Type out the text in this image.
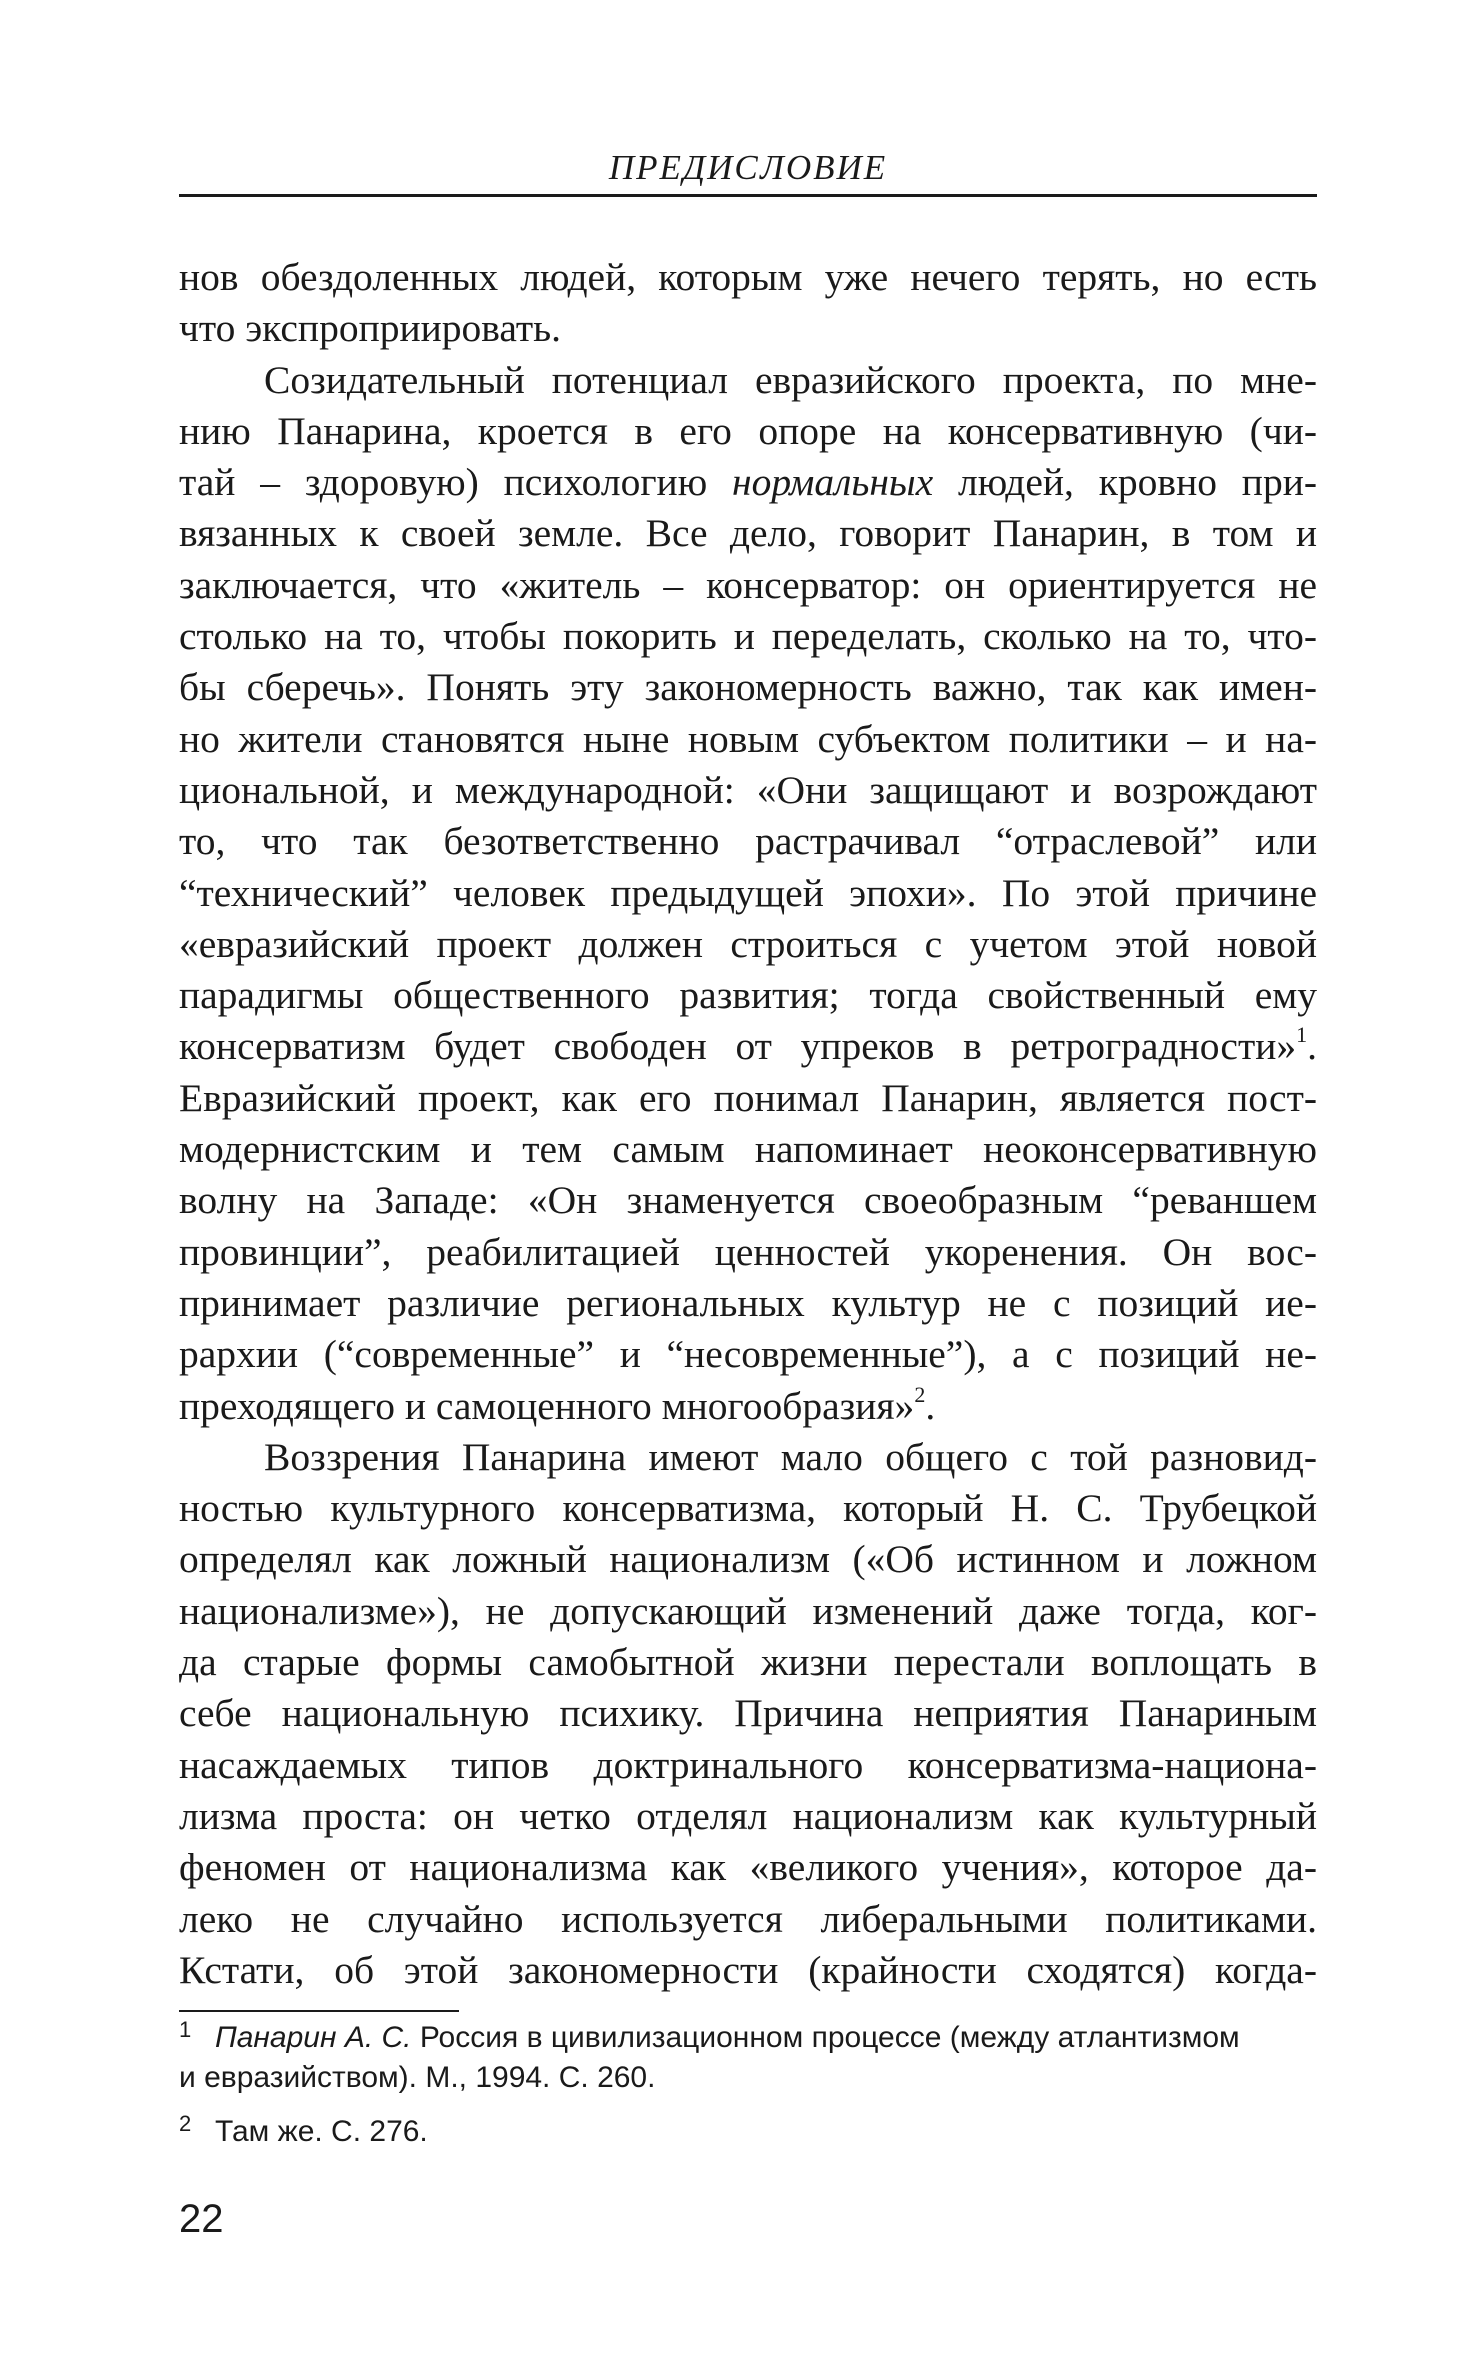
ПРЕДИСЛОВИЕ
нов обездоленных людей, которым уже нечего терять, но есть
что экспроприировать.
Созидательный потенциал евразийского проекта, по мне-
нию Панарина, кроется в его опоре на консервативную (чи-
тай – здоровую) психологию нормальных людей, кровно при-
вязанных к своей земле. Все дело, говорит Панарин, в том и
заключается, что «житель – консерватор: он ориентируется не
столько на то, чтобы покорить и переделать, сколько на то, что-
бы сберечь». Понять эту закономерность важно, так как имен-
но жители становятся ныне новым субъектом политики – и на-
циональной, и международной: «Они защищают и возрождают
то, что так безответственно растрачивал “отраслевой” или
“технический” человек предыдущей эпохи». По этой причине
«евразийский проект должен строиться с учетом этой новой
парадигмы общественного развития; тогда свойственный ему
консерватизм будет свободен от упреков в ретроградности»$^1$.
Евразийский проект, как его понимал Панарин, является пост-
модернистским и тем самым напоминает неоконсервативную
волну на Западе: «Он знаменуется своеобразным “реваншем
провинции”, реабилитацией ценностей укоренения. Он вос-
принимает различие региональных культур не с позиций ие-
рархии (“современные” и “несовременные”), а с позиций не-
преходящего и самоценного многообразия»$^2$.
Воззрения Панарина имеют мало общего с той разновид-
ностью культурного консерватизма, который Н. С. Трубецкой
определял как ложный национализм («Об истинном и ложном
национализме»), не допускающий изменений даже тогда, ког-
да старые формы самобытной жизни перестали воплощать в
себе национальную психику. Причина неприятия Панариным
насаждаемых типов доктринального консерватизма-национа-
лизма проста: он четко отделял национализм как культурный
феномен от национализма как «великого учения», которое да-
леко не случайно используется либеральными политиками.
Кстати, об этой закономерности (крайности сходятся) когда-
1 Панарин А. С. Россия в цивилизационном процессе (между атлантизмом
и евразийством). М., 1994. С. 260.
2 Там же. С. 276.
22
